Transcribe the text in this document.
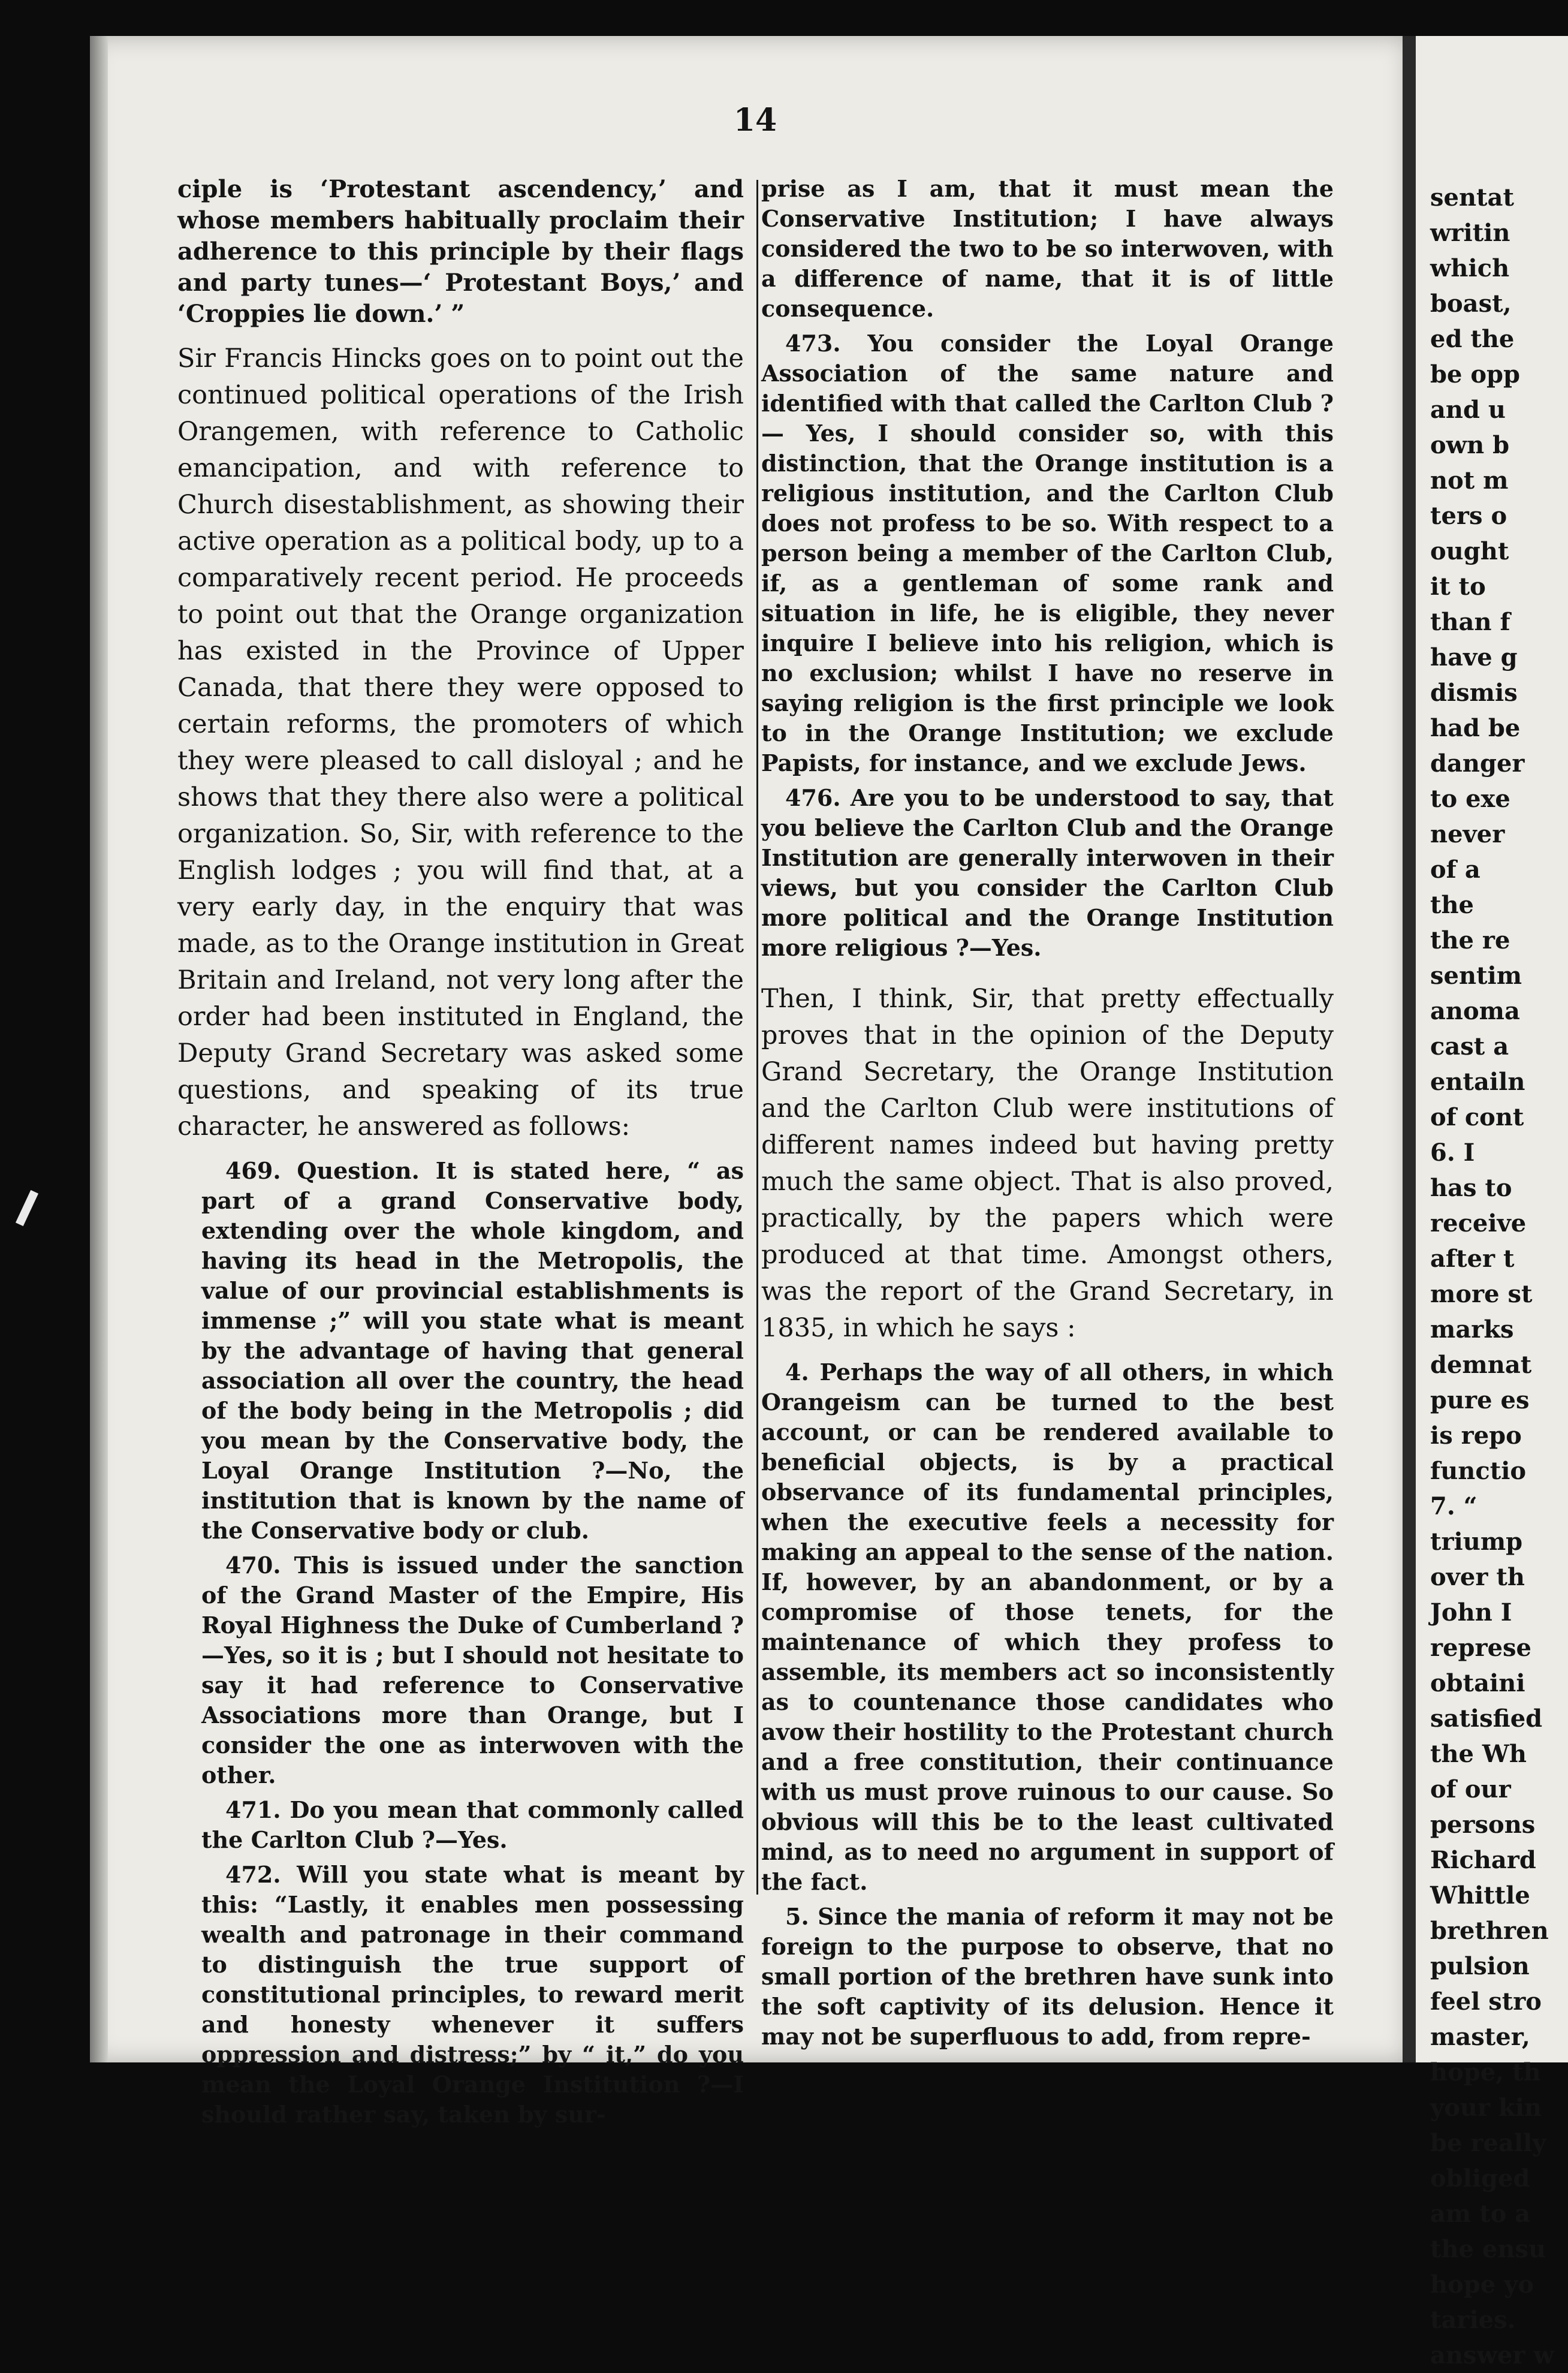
14

ciple is ‘Protestant ascendency,’ and whose members habitually proclaim their adherence to this principle by their flags and party tunes—‘ Protestant Boys,’ and ‘Croppies lie down.’ ”

Sir Francis Hincks goes on to point out the continued political operations of the Irish Orangemen, with reference to Catholic emancipation, and with reference to Church disestablishment, as showing their active operation as a political body, up to a comparatively recent period. He proceeds to point out that the Orange organization has existed in the Province of Upper Canada, that there they were opposed to certain reforms, the promoters of which they were pleased to call disloyal ; and he shows that they there also were a political organization. So, Sir, with reference to the English lodges ; you will find that, at a very early day, in the enquiry that was made, as to the Orange institution in Great Britain and Ireland, not very long after the order had been instituted in England, the Deputy Grand Secretary was asked some questions, and speaking of its true character, he answered as follows:

469. Question. It is stated here, “ as part of a grand Conservative body, extending over the whole kingdom, and having its head in the Metropolis, the value of our provincial establishments is immense ;” will you state what is meant by the advantage of having that general association all over the country, the head of the body being in the Metropolis ; did you mean by the Conservative body, the Loyal Orange Institution ?—No, the institution that is known by the name of the Conservative body or club.

470. This is issued under the sanction of the Grand Master of the Empire, His Royal Highness the Duke of Cumberland ?—Yes, so it is ; but I should not hesitate to say it had reference to Conservative Associations more than Orange, but I consider the one as interwoven with the other.

471. Do you mean that commonly called the Carlton Club ?—Yes.

472. Will you state what is meant by this: “Lastly, it enables men possessing wealth and patronage in their command to distinguish the true support of constitutional principles, to reward merit and honesty whenever it suffers oppression and distress;” by “ it,” do you mean the Loyal Orange Institution ?—I should rather say, taken by sur-

prise as I am, that it must mean the Conservative Institution; I have always considered the two to be so interwoven, with a difference of name, that it is of little consequence.

473. You consider the Loyal Orange Association of the same nature and identified with that called the Carlton Club ? — Yes, I should consider so, with this distinction, that the Orange institution is a religious institution, and the Carlton Club does not profess to be so. With respect to a person being a member of the Carlton Club, if, as a gentleman of some rank and situation in life, he is eligible, they never inquire I believe into his religion, which is no exclusion; whilst I have no reserve in saying religion is the first principle we look to in the Orange Institution; we exclude Papists, for instance, and we exclude Jews.

476. Are you to be understood to say, that you believe the Carlton Club and the Orange Institution are generally interwoven in their views, but you consider the Carlton Club more political and the Orange Institution more religious ?—Yes.

Then, I think, Sir, that pretty effectually proves that in the opinion of the Deputy Grand Secretary, the Orange Institution and the Carlton Club were institutions of different names indeed but having pretty much the same object. That is also proved, practically, by the papers which were produced at that time. Amongst others, was the report of the Grand Secretary, in 1835, in which he says :

4. Perhaps the way of all others, in which Orangeism can be turned to the best account, or can be rendered available to beneficial objects, is by a practical observance of its fundamental principles, when the executive feels a necessity for making an appeal to the sense of the nation. If, however, by an abandonment, or by a compromise of those tenets, for the maintenance of which they profess to assemble, its members act so inconsistently as to countenance those candidates who avow their hostility to the Protestant church and a free constitution, their continuance with us must prove ruinous to our cause. So obvious will this be to the least cultivated mind, as to need no argument in support of the fact.

5. Since the mania of reform it may not be foreign to the purpose to observe, that no small portion of the brethren have sunk into the soft captivity of its delusion. Hence it may not be superfluous to add, from repre-

sentat
writin
which
boast,
ed the
be opp
and u
own b
not m
ters o
ought
it to
than f
have g
dismis
had be
danger
to exe
never
of a
the
the re
sentim
anoma
cast a
entailn
of cont
6. I
has to
receive
after t
more st
marks
demnat
pure es
is repo
functio
7. “
triump
over th
John I
represe
obtaini
satisfied
the Wh
of our
persons
Richard
Whittle
brethren
pulsion
feel stro
master,
hope, th
your kin
be really
obliged
am to a
the ensu
hope yo
taries.
answer w
